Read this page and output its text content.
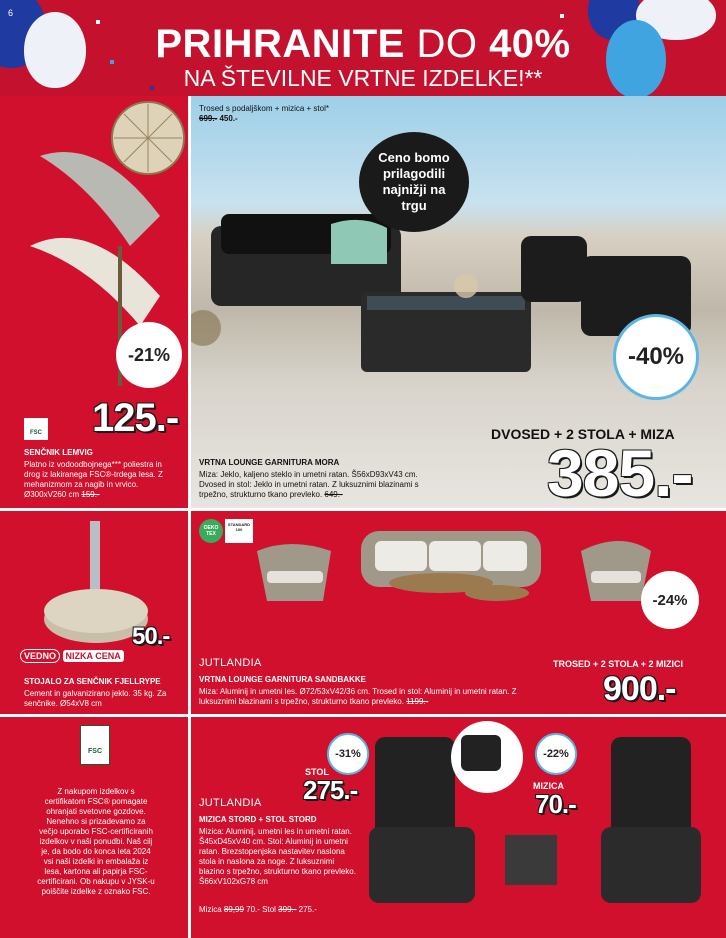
6
PRIHRANITE DO 40%
NA ŠTEVILNE VRTNE IZDELKE!**
-21%
125.-
FSC
SENČNIK LEMVIG
Platno iz vodoodbojnega*** poliestra in drog iz lakiranega FSC®-trdega lesa. Z mehanizmom za nagib in vrvico. Ø300xV260 cm 159.-
Trosed s podaljškom + mizica + stol*
699.- 450.-
Ceno bomo prilagodili najnižji na trgu
-40%
DVOSED + 2 STOLA + MIZA
385.-
VRTNA LOUNGE GARNITURA MORA
Miza: Jeklo, kaljeno steklo in umetni ratan. Š56xD93xV43 cm. Dvosed in stol: Jeklo in umetni ratan. Z luksuznimi blazinami s trpežno, strukturno tkano prevleko. 649.-
50.-
VEDNO NIZKA CENA
STOJALO ZA SENČNIK FJELLRYPE
Cement in galvanizirano jeklo. 35 kg. Za senčnike. Ø54xV8 cm
OEKO TEX
STANDARD 100
-24%
JUTLANDIA	TROSED + 2 STOLA + 2 MIZICI
900.-
VRTNA LOUNGE GARNITURA SANDBAKKE
Miza: Aluminij in umetni les. Ø72/53xV42/36 cm. Trosed in stol: Aluminij in umetni ratan. Z luksuznimi blazinami s trpežno, strukturno tkano prevleko. 1199.-
FSC
Z nakupom izdelkov s certifikatom FSC® pomagate ohranjati svetovne gozdove. Nenehno si prizadevamo za večjo uporabo FSC-certificiranih izdelkov v naši ponudbi. Naš cilj je, da bodo do konca leta 2024 vsi naši izdelki in embalaža iz lesa, kartona ali papirja FSC-certificirani. Ob nakupu v JYSK-u poiščite izdelke z oznako FSC.
-31%	-22%
STOL
275.-	MIZICA
70.-
JUTLANDIA
MIZICA STORD + STOL STORD
Mizica: Aluminij, umetni les in umetni ratan. Š45xD45xV40 cm. Stol: Aluminij in umetni ratan. Brezstopenjska nastavitev naslona stola in naslona za noge. Z luksuznimi blazino s trpežno, strukturno tkano prevleko. Š66xV102xG78 cm
Mizica 89,99 70.- Stol 399.- 275.-
